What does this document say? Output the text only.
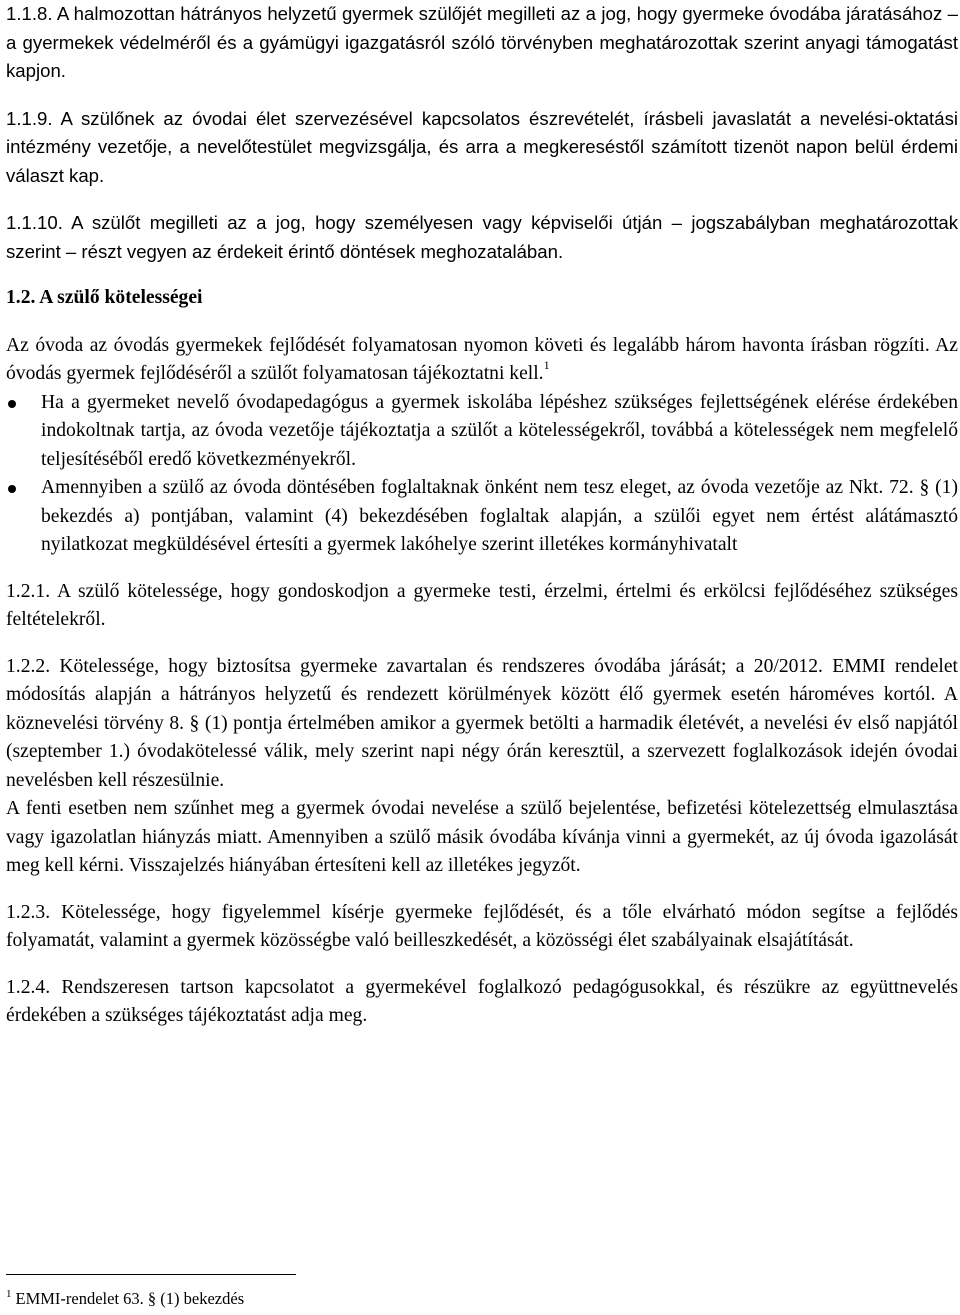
1.1.8. A halmozottan hátrányos helyzetű gyermek szülőjét megilleti az a jog, hogy gyermeke óvodába járatásához – a gyermekek védelméről és a gyámügyi igazgatásról szóló törvényben meghatározottak szerint anyagi támogatást kapjon.

1.1.9. A szülőnek az óvodai élet szervezésével kapcsolatos észrevételét, írásbeli javaslatát a nevelési-oktatási intézmény vezetője, a nevelőtestület megvizsgálja, és arra a megkereséstől számított tizenöt napon belül érdemi választ kap.

1.1.10. A szülőt megilleti az a jog, hogy személyesen vagy képviselői útján – jogszabályban meghatározottak szerint – részt vegyen az érdekeit érintő döntések meghozatalában.

1.2. A szülő kötelességei

Az óvoda az óvodás gyermekek fejlődését folyamatosan nyomon követi és legalább három havonta írásban rögzíti. Az óvodás gyermek fejlődéséről a szülőt folyamatosan tájékoztatni kell.$^1$

Ha a gyermeket nevelő óvodapedagógus a gyermek iskolába lépéshez szükséges fejlettségének elérése érdekében indokoltnak tartja, az óvoda vezetője tájékoztatja a szülőt a kötelességekről, továbbá a kötelességek nem megfelelő teljesítéséből eredő következményekről.
Amennyiben a szülő az óvoda döntésében foglaltaknak önként nem tesz eleget, az óvoda vezetője az Nkt. 72. § (1) bekezdés a) pontjában, valamint (4) bekezdésében foglaltak alapján, a szülői egyet nem értést alátámasztó nyilatkozat megküldésével értesíti a gyermek lakóhelye szerint illetékes kormányhivatalt

1.2.1. A szülő kötelessége, hogy gondoskodjon a gyermeke testi, érzelmi, értelmi és erkölcsi fejlődéséhez szükséges feltételekről.

1.2.2. Kötelessége, hogy biztosítsa gyermeke zavartalan és rendszeres óvodába járását; a 20/2012. EMMI rendelet módosítás alapján a hátrányos helyzetű és rendezett körülmények között élő gyermek esetén hároméves kortól. A köznevelési törvény 8. § (1) pontja értelmében amikor a gyermek betölti a harmadik életévét, a nevelési év első napjától (szeptember 1.) óvodakötelessé válik, mely szerint napi négy órán keresztül, a szervezett foglalkozások idején óvodai nevelésben kell részesülnie.

A fenti esetben nem szűnhet meg a gyermek óvodai nevelése a szülő bejelentése, befizetési kötelezettség elmulasztása vagy igazolatlan hiányzás miatt. Amennyiben a szülő másik óvodába kívánja vinni a gyermekét, az új óvoda igazolását meg kell kérni. Visszajelzés hiányában értesíteni kell az illetékes jegyzőt.

1.2.3. Kötelessége, hogy figyelemmel kísérje gyermeke fejlődését, és a tőle elvárható módon segítse a fejlődés folyamatát, valamint a gyermek közösségbe való beilleszkedését, a közösségi élet szabályainak elsajátítását.

1.2.4. Rendszeresen tartson kapcsolatot a gyermekével foglalkozó pedagógusokkal, és részükre az együttnevelés érdekében a szükséges tájékoztatást adja meg.

$^1$ EMMI-rendelet 63. § (1) bekezdés
